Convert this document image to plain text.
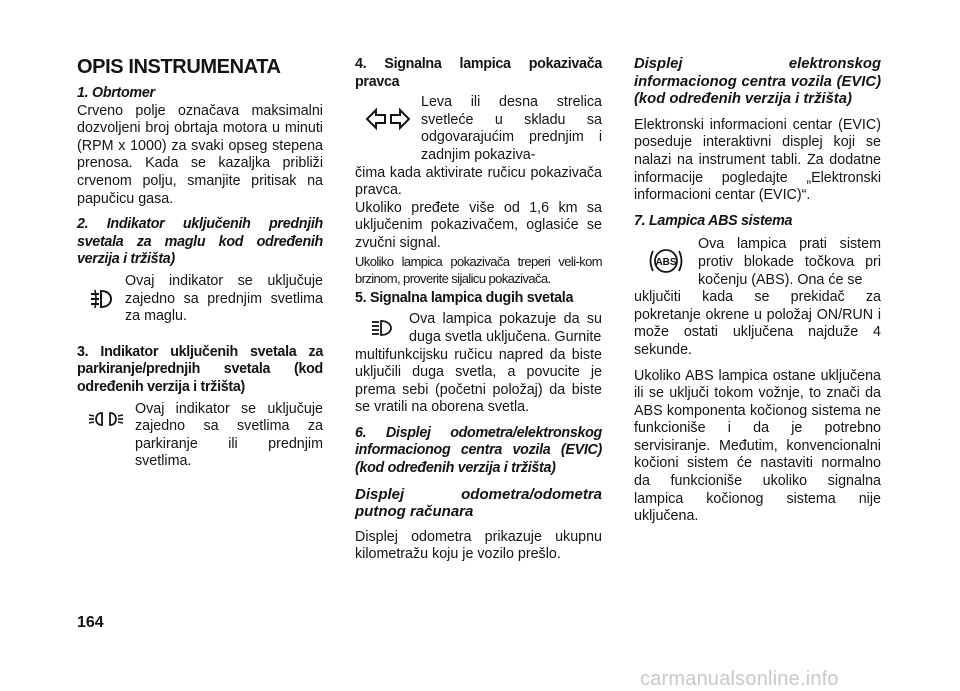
OPIS INSTRUMENATA

1. Obrtomer

Crveno polje označava maksimalni dozvoljeni broj obrtaja motora u minuti (RPM x 1000) za svaki opseg stepena prenosa. Kada se kazaljka približi crvenom polju, smanjite pritisak na papučicu gasa.

2. Indikator uključenih prednjih svetala za maglu kod određenih verzija i tržišta)

Ovaj indikator se uključuje zajedno sa prednjim svetlima za maglu.

3. Indikator uključenih svetala za parkiranje/prednjih svetala (kod određenih verzija i tržišta)

Ovaj indikator se uključuje zajedno sa svetlima za parkiranje ili prednjim svetlima.

4. Signalna lampica pokazivača pravca

Leva ili desna strelica svetleće u skladu sa odgovarajućim prednjim i zadnjim pokaziva-

čima kada aktivirate ručicu pokazivača pravca.

Ukoliko pređete više od 1,6 km sa uključenim pokazivačem, oglasiće se zvučni signal.

Ukoliko lampica pokazivača treperi veli-kom brzinom, proverite sijalicu pokazivača.

5. Signalna lampica dugih svetala

Ova lampica pokazuje da su duga svetla uključena. Gurnite

multifunkcijsku ručicu napred da biste uključili duga svetla, a povucite je prema sebi (početni položaj) da biste se vratili na oborena svetla.

6. Displej odometra/elektronskog informacionog centra vozila (EVIC) (kod određenih verzija i tržišta)

Displej odometra/odometra putnog računara

Displej odometra prikazuje ukupnu kilometražu koju je vozilo prešlo.

Displej elektronskog informacionog centra vozila (EVIC) (kod određenih verzija i tržišta)

Elektronski informacioni centar (EVIC) poseduje interaktivni displej koji se nalazi na instrument tabli. Za dodatne informacije pogledajte „Elektronski informacioni centar (EVIC)“.

7. Lampica ABS sistema

ABS

Ova lampica prati sistem protiv blokade točkova pri kočenju (ABS). Ona će se

uključiti kada se prekidač za pokretanje okrene u položaj ON/RUN i može ostati uključena najduže 4 sekunde.

Ukoliko ABS lampica ostane uključena ili se uključi tokom vožnje, to znači da ABS komponenta kočionog sistema ne funkcioniše i da je potrebno servisiranje. Međutim, konvencionalni kočioni sistem će nastaviti normalno da funkcioniše ukoliko signalna lampica kočionog sistema nije uključena.

164
carmanualsonline.info
